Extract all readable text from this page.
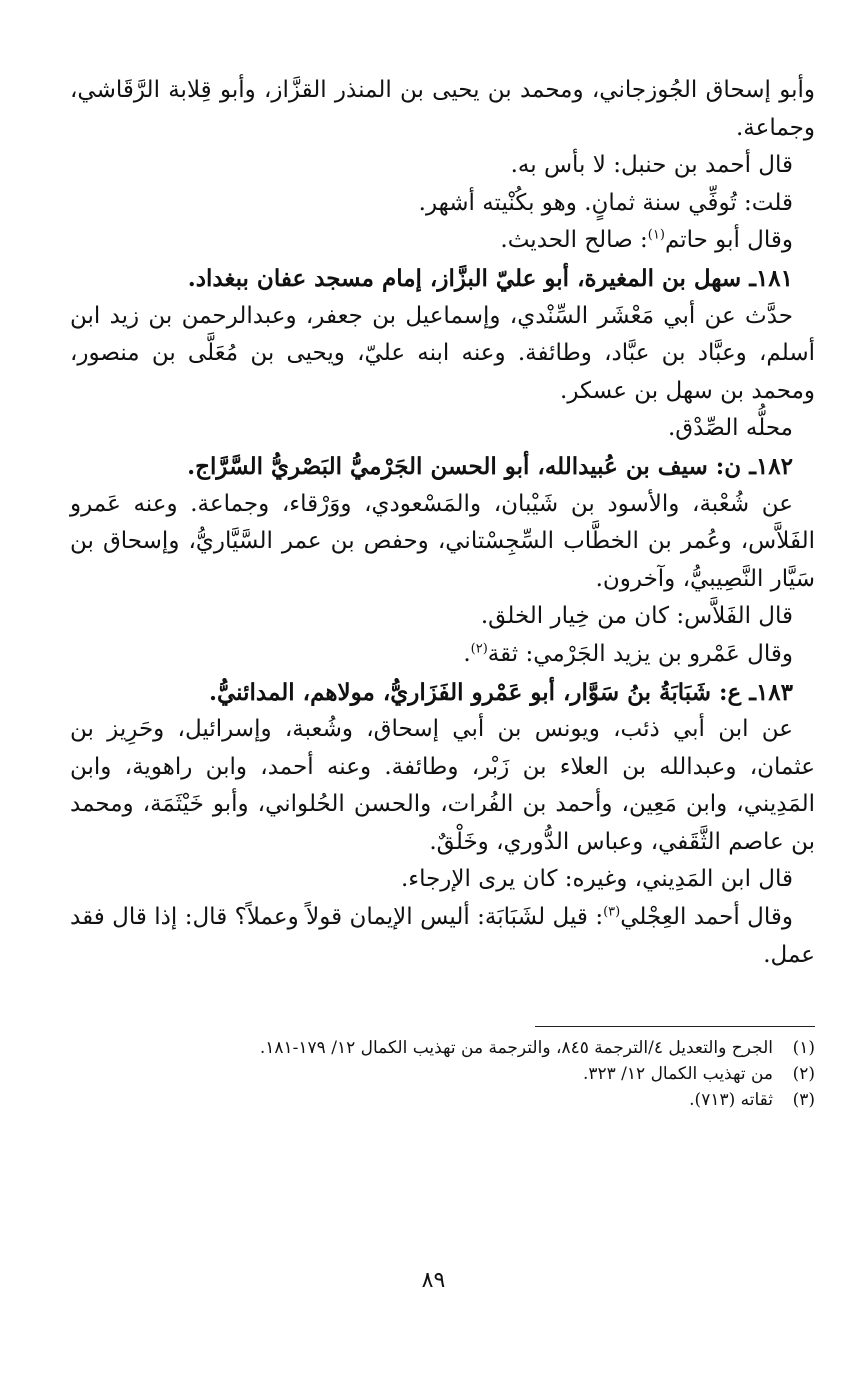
وأبو إسحاق الجُوزجاني، ومحمد بن يحيى بن المنذر القزَّاز، وأبو قِلابة الرَّقَاشي، وجماعة.

قال أحمد بن حنبل: لا بأس به.

قلت: تُوفِّي سنة ثمانٍ. وهو بكُنْيته أشهر.

وقال أبو حاتم$^{(١)}$: صالح الحديث.

١٨١ـ سهل بن المغيرة، أبو عليّ البزَّاز، إمام مسجد عفان ببغداد.

حدَّث عن أبي مَعْشَر السِّنْدي، وإسماعيل بن جعفر، وعبدالرحمن بن زيد ابن أسلم، وعبَّاد بن عبَّاد، وطائفة. وعنه ابنه عليّ، ويحيى بن مُعَلَّى بن منصور، ومحمد بن سهل بن عسكر.

محلُّه الصِّدْق.

١٨٢ـ ن: سيف بن عُبيدالله، أبو الحسن الجَرْميُّ البَصْريُّ السَّرَّاج.

عن شُعْبة، والأسود بن شَيْبان، والمَسْعودي، ووَرْقاء، وجماعة. وعنه عَمرو الفَلاَّس، وعُمر بن الخطَّاب السِّجِسْتاني، وحفص بن عمر السَّيَّاريُّ، وإسحاق بن سَيَّار النَّصِيبيُّ، وآخرون.

قال الفَلاَّس: كان من خِيار الخلق.

وقال عَمْرو بن يزيد الجَرْمي: ثقة$^{(٢)}$.

١٨٣ـ ع: شَبَابَةُ بنُ سَوَّار، أبو عَمْرو الفَزَاريُّ، مولاهم، المدائنيُّ.

عن ابن أبي ذئب، ويونس بن أبي إسحاق، وشُعبة، وإسرائيل، وحَرِيز بن عثمان، وعبدالله بن العلاء بن زَبْر، وطائفة. وعنه أحمد، وابن راهوية، وابن المَدِيني، وابن مَعِين، وأحمد بن الفُرات، والحسن الحُلواني، وأبو خَيْثَمَة، ومحمد بن عاصم الثَّقَفي، وعباس الدُّوري، وخَلْقٌ.

قال ابن المَدِيني، وغيره: كان يرى الإرجاء.

وقال أحمد العِجْلي$^{(٣)}$: قيل لشَبَابَة: أليس الإيمان قولاً وعملاً؟ قال: إذا قال فقد عمل.

(١)الجرح والتعديل ٤/الترجمة ٨٤٥، والترجمة من تهذيب الكمال ١٢/ ١٧٩-١٨١.

(٢)من تهذيب الكمال ١٢/ ٣٢٣.

(٣)ثقاته (٧١٣).

٨٩
